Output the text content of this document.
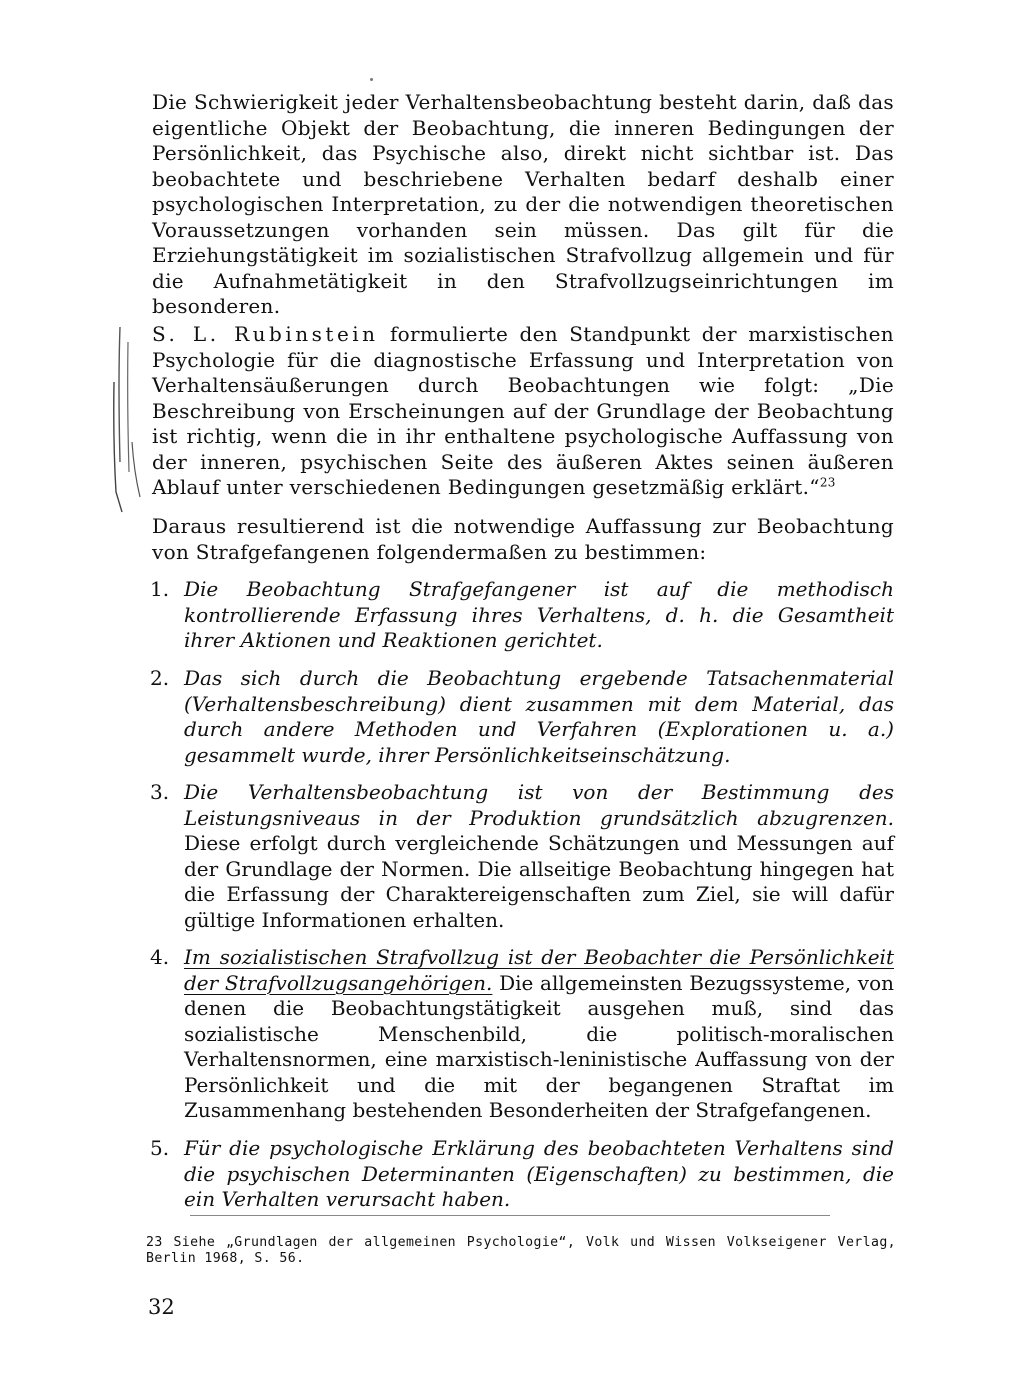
Die Schwierigkeit jeder Verhaltensbeobachtung besteht darin, daß das eigentliche Objekt der Beobachtung, die inneren Bedingungen der Persönlichkeit, das Psychische also, direkt nicht sichtbar ist. Das beobachtete und beschriebene Verhalten bedarf deshalb einer psychologischen Interpretation, zu der die notwendigen theoretischen Voraussetzungen vorhanden sein müssen. Das gilt für die Erziehungstätigkeit im sozialistischen Strafvollzug allgemein und für die Aufnahmetätigkeit in den Strafvollzugseinrichtungen im besonderen.

S. L. Rubinstein formulierte den Standpunkt der marxistischen Psychologie für die diagnostische Erfassung und Interpretation von Verhaltensäußerungen durch Beobachtungen wie folgt: „Die Beschreibung von Erscheinungen auf der Grundlage der Beobachtung ist richtig, wenn die in ihr enthaltene psychologische Auffassung von der inneren, psychischen Seite des äußeren Aktes seinen äußeren Ablauf unter verschiedenen Bedingungen gesetzmäßig erklärt.“$^{23}$

Daraus resultierend ist die notwendige Auffassung zur Beobachtung von Strafgefangenen folgendermaßen zu bestimmen:

1. Die Beobachtung Strafgefangener ist auf die methodisch kontrollierende Erfassung ihres Verhaltens, d. h. die Gesamtheit ihrer Aktionen und Reaktionen gerichtet.
2. Das sich durch die Beobachtung ergebende Tatsachenmaterial (Verhaltensbeschreibung) dient zusammen mit dem Material, das durch andere Methoden und Verfahren (Explorationen u. a.) gesammelt wurde, ihrer Persönlichkeitseinschätzung.
3. Die Verhaltensbeobachtung ist von der Bestimmung des Leistungsniveaus in der Produktion grundsätzlich abzugrenzen. Diese erfolgt durch vergleichende Schätzungen und Messungen auf der Grundlage der Normen. Die allseitige Beobachtung hingegen hat die Erfassung der Charaktereigenschaften zum Ziel, sie will dafür gültige Informationen erhalten.
4. Im sozialistischen Strafvollzug ist der Beobachter die Persönlichkeit der Strafvollzugsangehörigen. Die allgemeinsten Bezugssysteme, von denen die Beobachtungstätigkeit ausgehen muß, sind das sozialistische Menschenbild, die politisch-moralischen Verhaltensnormen, eine marxistisch-leninistische Auffassung von der Persönlichkeit und die mit der begangenen Straftat im Zusammenhang bestehenden Besonderheiten der Strafgefangenen.
5. Für die psychologische Erklärung des beobachteten Verhaltens sind die psychischen Determinanten (Eigenschaften) zu bestimmen, die ein Verhalten verursacht haben.
23 Siehe „Grundlagen der allgemeinen Psychologie“, Volk und Wissen Volkseigener Verlag, Berlin 1968, S. 56.
32
